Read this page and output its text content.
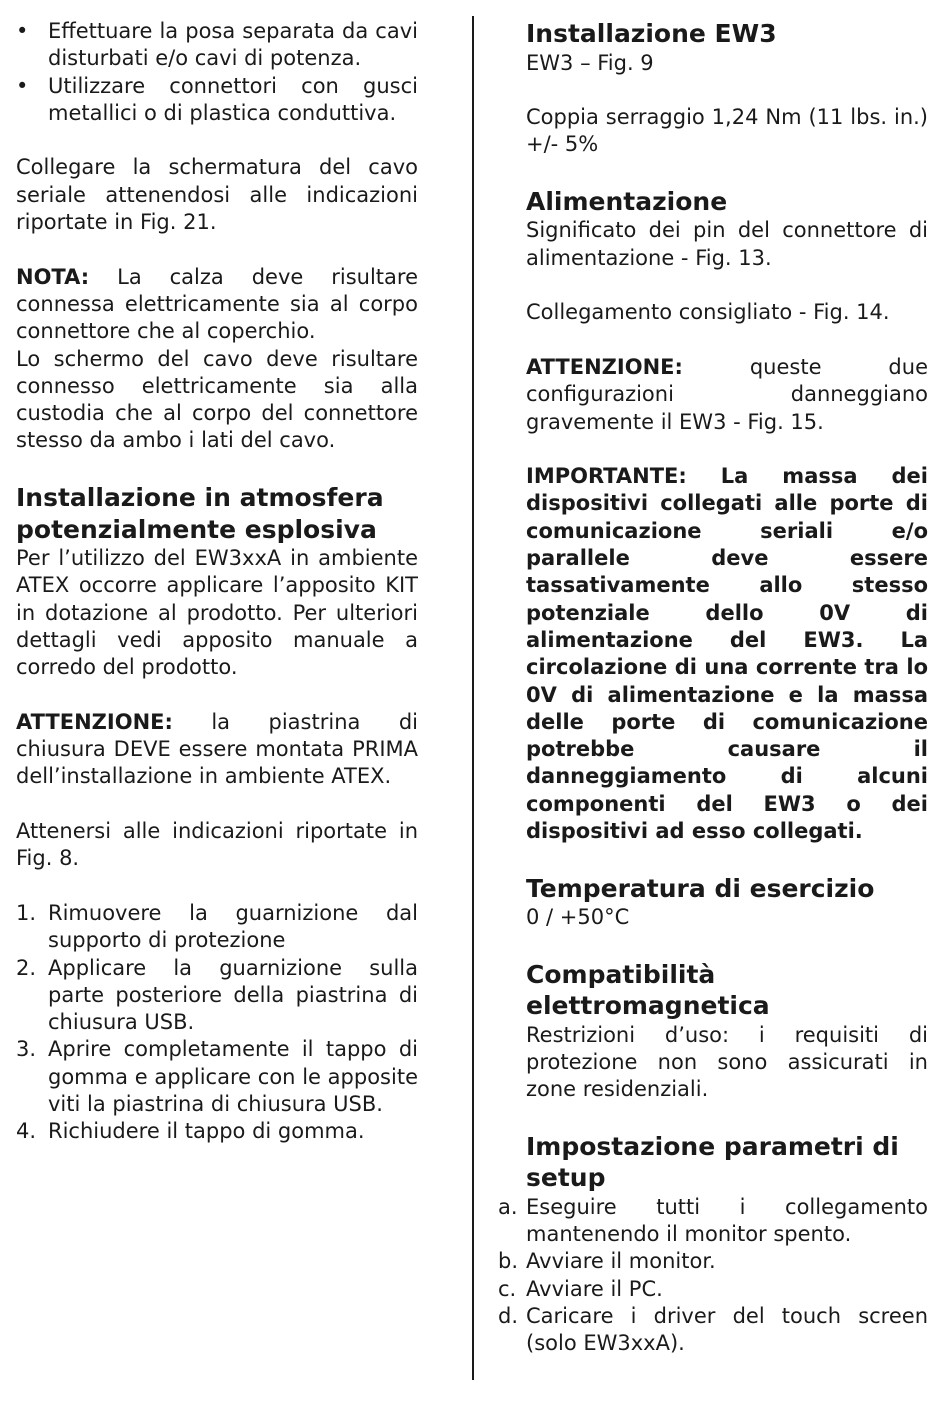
• Effettuare la posa separata da cavi disturbati e/o cavi di potenza.
• Utilizzare connettori con gusci metallici o di plastica conduttiva.

Collegare la schermatura del cavo seriale attenendosi alle indicazioni riportate in Fig. 21.

NOTA: La calza deve risultare connessa elettricamente sia al corpo connettore che al coperchio.

Lo schermo del cavo deve risultare connesso elettricamente sia alla custodia che al corpo del connettore stesso da ambo i lati del cavo.

Installazione in atmosfera potenzialmente esplosiva

Per l’utilizzo del EW3xxA in ambiente ATEX occorre applicare l’apposito KIT in dotazione al prodotto. Per ulteriori dettagli vedi apposito manuale a corredo del prodotto.

ATTENZIONE: la piastrina di chiusura DEVE essere montata PRIMA dell’installazione in ambiente ATEX.

Attenersi alle indicazioni riportate in Fig. 8.

1. Rimuovere la guarnizione dal supporto di protezione
2. Applicare la guarnizione sulla parte posteriore della piastrina di chiusura USB.
3. Aprire completamente il tappo di gomma e applicare con le apposite viti la piastrina di chiusura USB.
4. Richiudere il tappo di gomma.
Installazione EW3

EW3 – Fig. 9

Coppia serraggio 1,24 Nm (11 lbs. in.) +/- 5%

Alimentazione

Significato dei pin del connettore di alimentazione - Fig. 13.

Collegamento consigliato - Fig. 14.

ATTENZIONE: queste due configurazioni danneggiano gravemente il EW3 - Fig. 15.

IMPORTANTE: La massa dei dispositivi collegati alle porte di comunicazione seriali e/o parallele deve essere tassativamente allo stesso potenziale dello 0V di alimentazione del EW3. La circolazione di una corrente tra lo 0V di alimentazione e la massa delle porte di comunicazione potrebbe causare il danneggiamento di alcuni componenti del EW3 o dei dispositivi ad esso collegati.

Temperatura di esercizio

0 / +50°C

Compatibilità elettromagnetica

Restrizioni d’uso: i requisiti di protezione non sono assicurati in zone residenziali.

Impostazione parametri di setup
a. Eseguire tutti i collegamento mantenendo il monitor spento.
b. Avviare il monitor.
c. Avviare il PC.
d. Caricare i driver del touch screen (solo EW3xxA).
